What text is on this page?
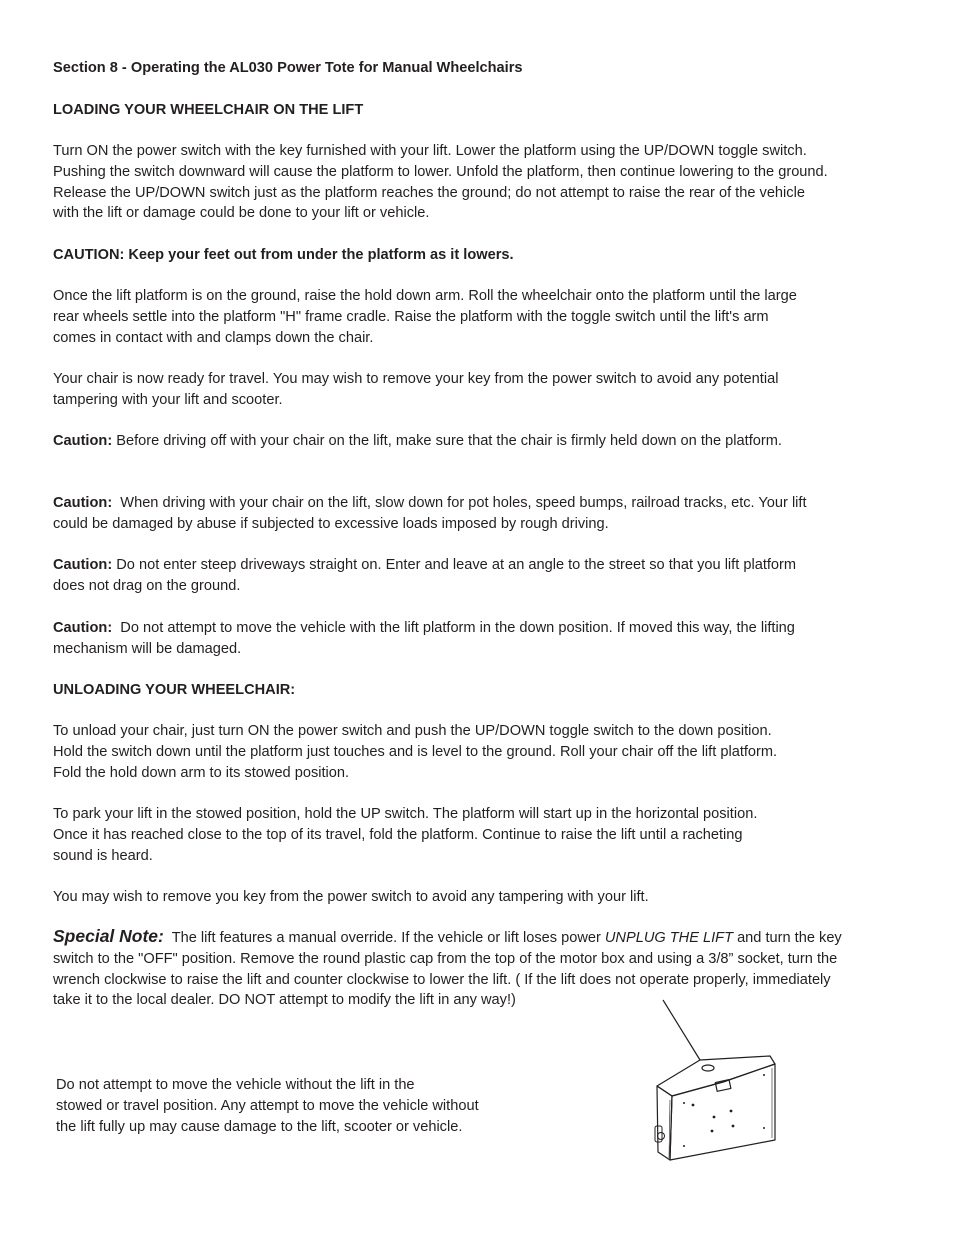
Section 8 - Operating the AL030 Power Tote for Manual Wheelchairs
LOADING YOUR WHEELCHAIR ON THE LIFT
Turn ON the power switch with the key furnished with your lift. Lower the platform using the UP/DOWN toggle switch.
Pushing the switch downward will cause the platform to lower. Unfold the platform, then continue lowering to the ground.
Release the UP/DOWN switch just as the platform reaches the ground; do not attempt to raise the rear of the vehicle
with the lift or damage could be done to your lift or vehicle.
CAUTION: Keep your feet out from under the platform as it lowers.
Once the lift platform is on the ground, raise the hold down arm. Roll the wheelchair onto the platform until the large
rear wheels settle into the platform "H" frame cradle. Raise the platform with the toggle switch until the lift's arm
comes in contact with and clamps down the chair.
Your chair is now ready for travel. You may wish to remove your key from the power switch to avoid any potential
tampering with your lift and scooter.
Caution: Before driving off with your chair on the lift, make sure that the chair is firmly held down on the platform.
Caution: When driving with your chair on the lift, slow down for pot holes, speed bumps, railroad tracks, etc. Your lift
could be damaged by abuse if subjected to excessive loads imposed by rough driving.
Caution: Do not enter steep driveways straight on. Enter and leave at an angle to the street so that you lift platform
does not drag on the ground.
Caution: Do not attempt to move the vehicle with the lift platform in the down position. If moved this way, the lifting
mechanism will be damaged.
UNLOADING YOUR WHEELCHAIR:
To unload your chair, just turn ON the power switch and push the UP/DOWN toggle switch to the down position.
Hold the switch down until the platform just touches and is level to the ground. Roll your chair off the lift platform.
Fold the hold down arm to its stowed position.
To park your lift in the stowed position, hold the UP switch. The platform will start up in the horizontal position.
Once it has reached close to the top of its travel, fold the platform. Continue to raise the lift until a racheting
sound is heard.
You may wish to remove you key from the power switch to avoid any tampering with your lift.
Special Note: The lift features a manual override. If the vehicle or lift loses power UNPLUG THE LIFT and turn the key
switch to the "OFF" position. Remove the round plastic cap from the top of the motor box and using a 3/8” socket, turn the
wrench clockwise to raise the lift and counter clockwise to lower the lift. ( If the lift does not operate properly, immediately
take it to the local dealer. DO NOT attempt to modify the lift in any way!)
Do not attempt to move the vehicle without the lift in the
stowed or travel position. Any attempt to move the vehicle without
the lift fully up may cause damage to the lift, scooter or vehicle.
